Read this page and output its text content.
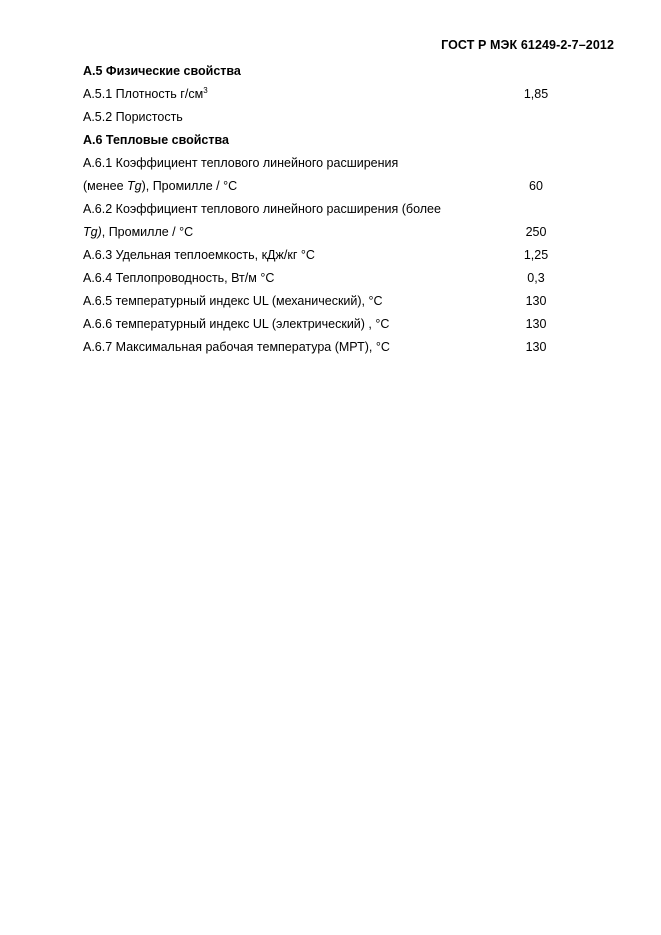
ГОСТ Р МЭК 61249-2-7–2012
А.5 Физические свойства
А.5.1 Плотность $г/см^3$	1,85
А.5.2 Пористость
А.6 Тепловые свойства
А.6.1 Коэффициент теплового линейного расширения
(менее Tg), Промилле / °С	60
А.6.2 Коэффициент теплового линейного расширения (более
Tg), Промилле / °С	250
А.6.3 Удельная теплоемкость, кДж/кг °С	1,25
А.6.4 Теплопроводность, Вт/м °С	0,3
А.6.5 температурный индекс UL (механический), °С	130
А.6.6 температурный индекс UL (электрический) , °С	130
А.6.7 Максимальная рабочая температура (МРТ), °С	130
